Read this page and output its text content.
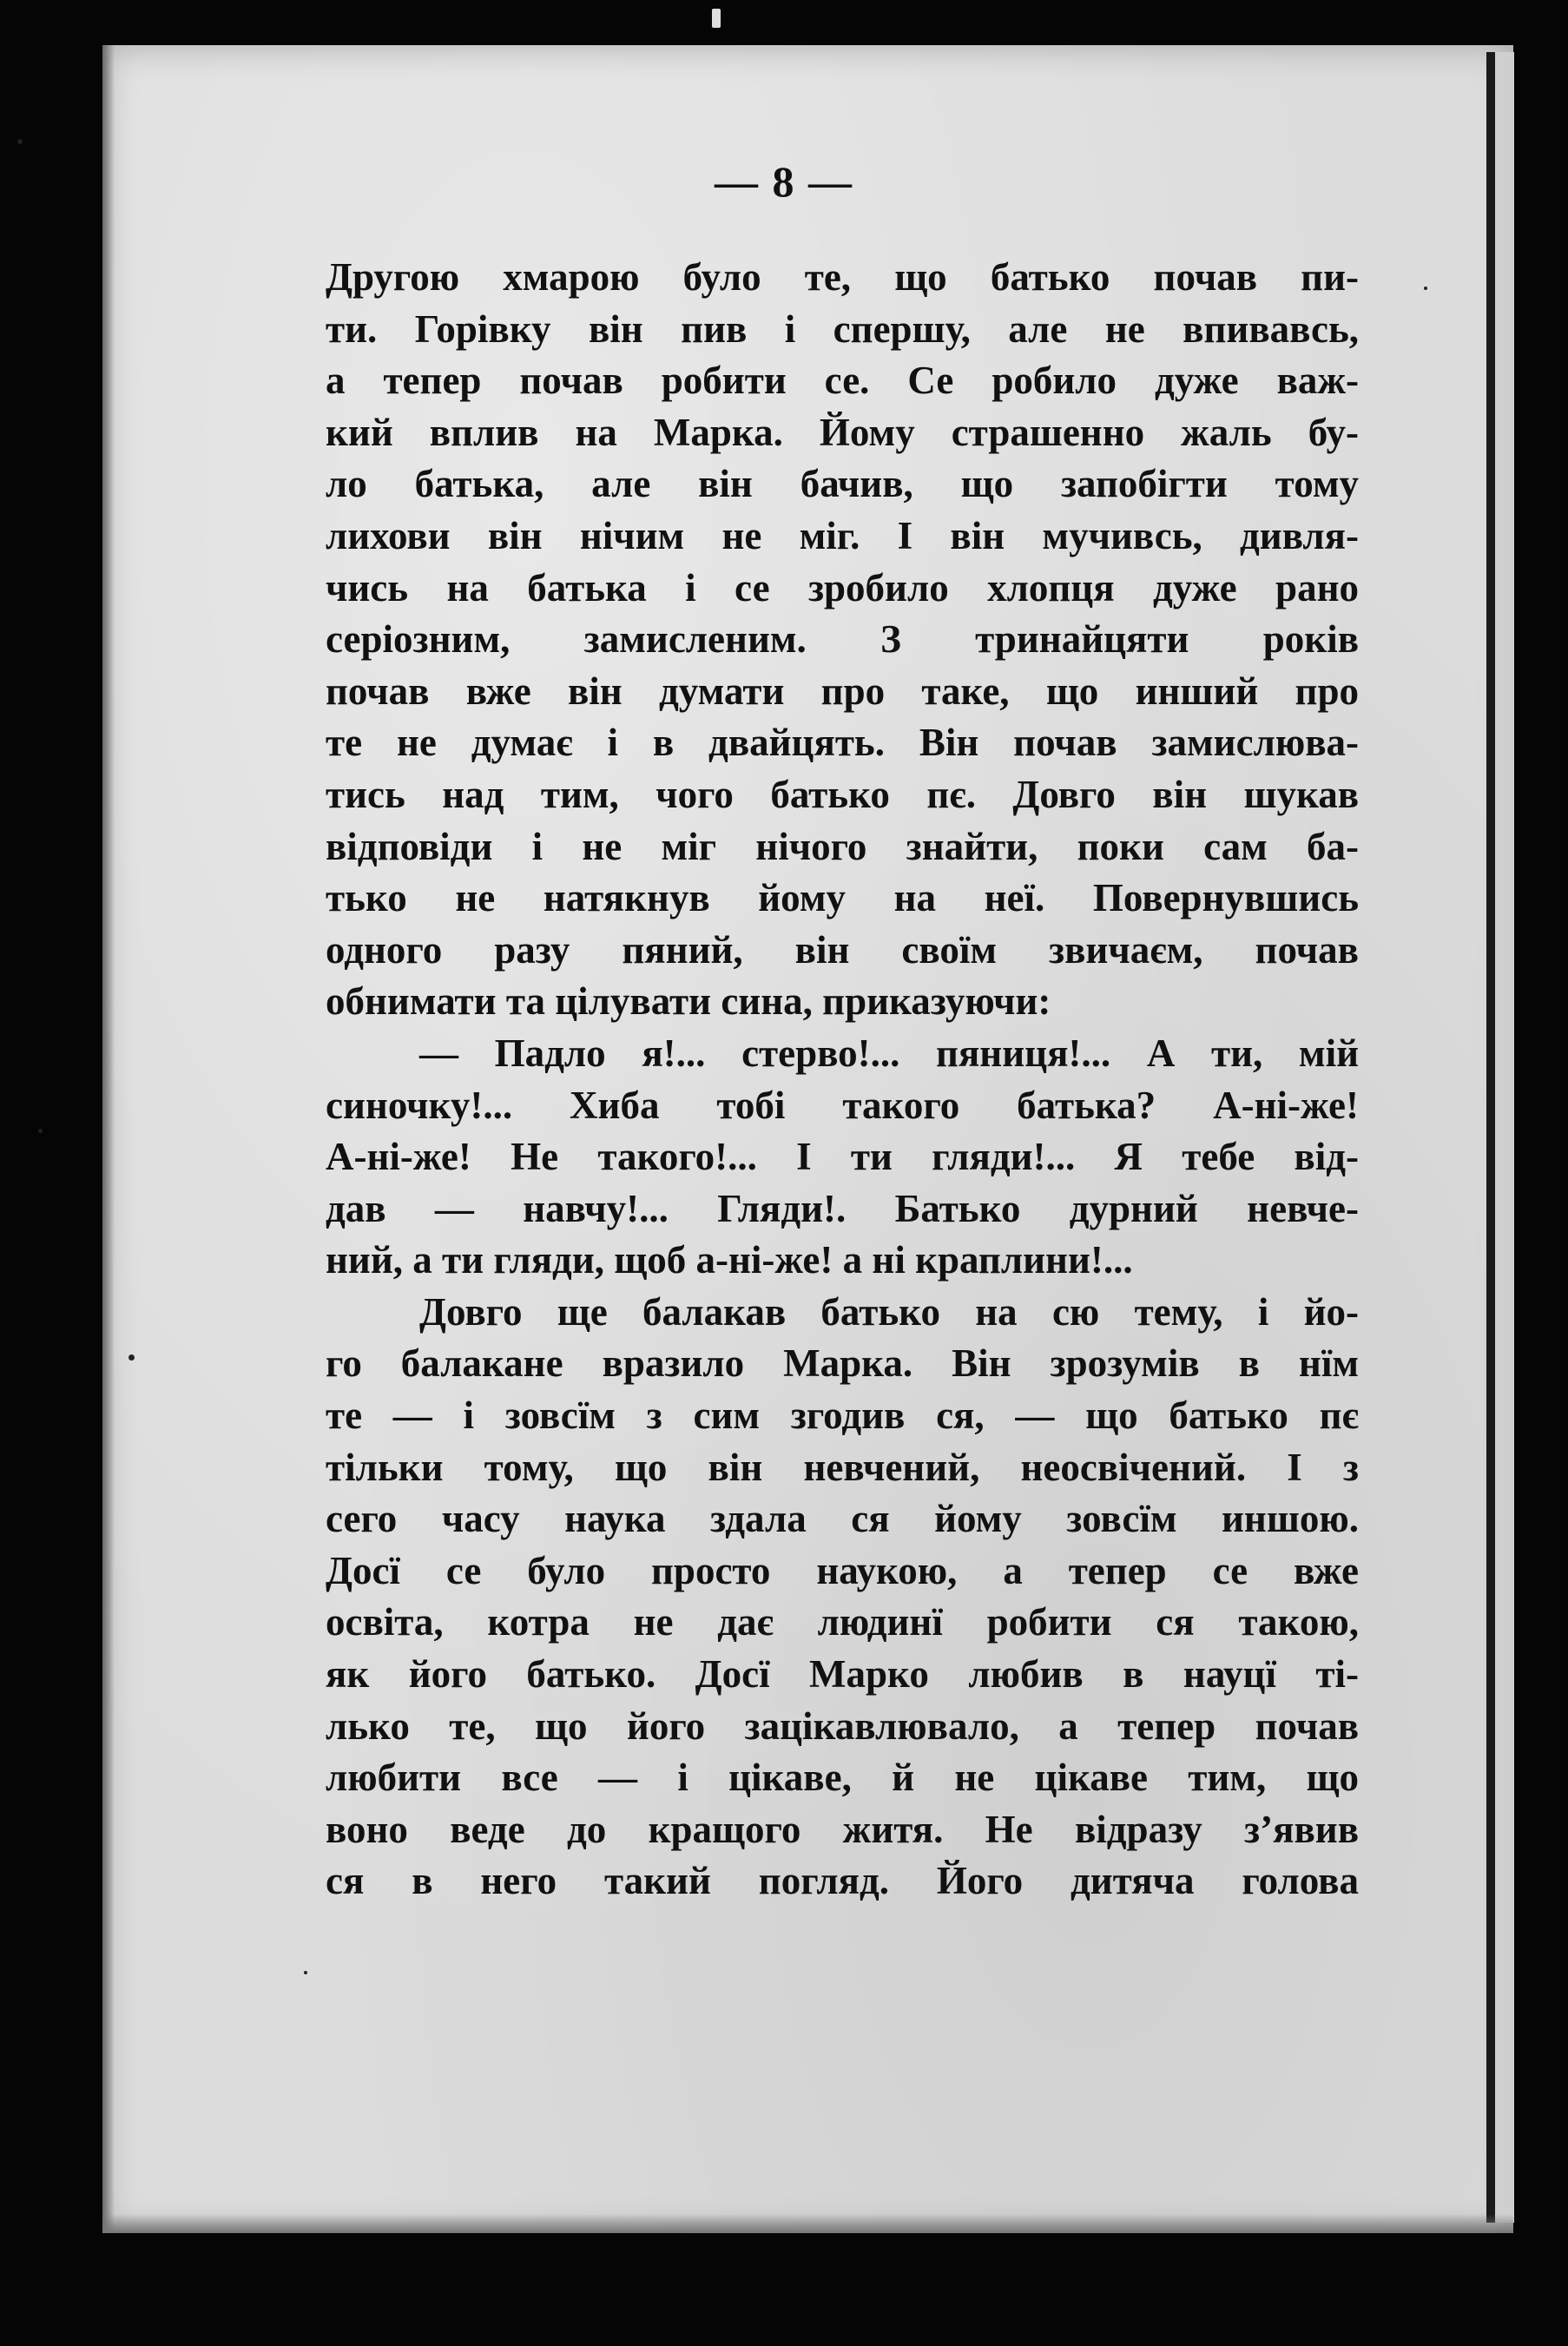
— 8 —
Другою хмарою було те, що батько почав пи-
ти. Горівку він пив і спершу, але не впивавсь,
а тепер почав робити се. Се робило дуже важ-
кий вплив на Марка. Йому страшенно жаль бу-
ло батька, але він бачив, що запобігти тому
лихови він нічим не міг. І він мучивсь, дивля-
чись на батька і се зробило хлопця дуже рано
серіозним, замисленим. З тринайцяти років
почав вже він думати про таке, що инший про
те не думає і в двайцять. Він почав замислюва-
тись над тим, чого батько пє. Довго він шукав
відповіди і не міг нічого знайти, поки сам ба-
тько не натякнув йому на неї. Повернувшись
одного разу пяний, він своїм звичаєм, почав
обнимати та цілувати сина, приказуючи:
— Падло я!... стерво!... пяниця!... А ти, мій
синочку!... Хиба тобі такого батька? А-ні-же!
А-ні-же! Не такого!... І ти гляди!... Я тебе від-
дав — навчу!... Гляди!. Батько дурний невче-
ний, а ти гляди, щоб а-ні-же! а ні краплини!...
Довго ще балакав батько на сю тему, і йо-
го балакане вразило Марка. Він зрозумів в нїм
те — і зовсїм з сим згодив ся, — що батько пє
тільки тому, що він невчений, неосвічений. І з
сего часу наука здала ся йому зовсїм иншою.
Досї се було просто наукою, а тепер се вже
освіта, котра не дає людинї робити ся такою,
як його батько. Досї Марко любив в науцї ті-
лько те, що його зацікавлювало, а тепер почав
любити все — і цікаве, й не цікаве тим, що
воно веде до кращого житя. Не відразу з’явив
ся в него такий погляд. Його дитяча голова
